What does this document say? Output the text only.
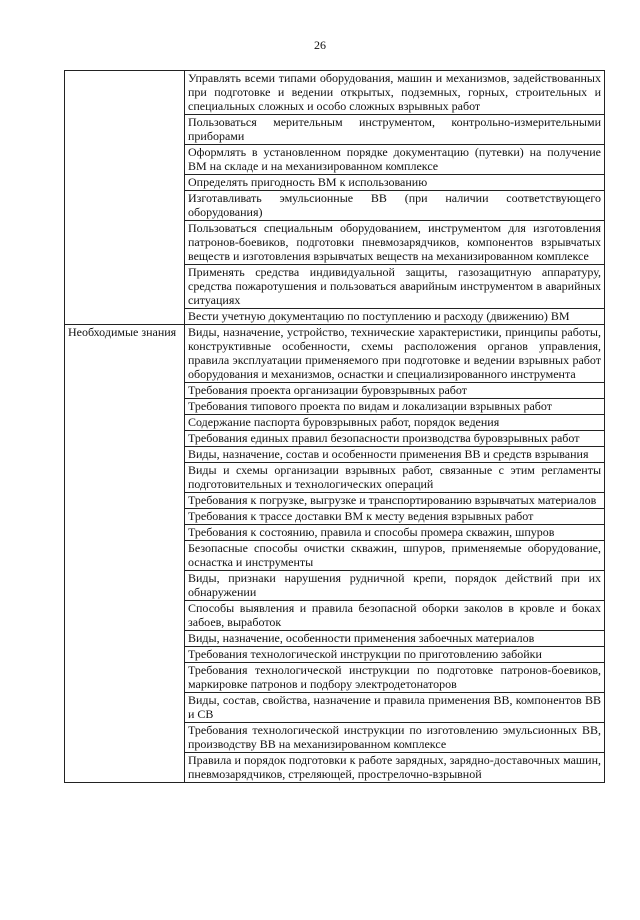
26
	Управлять всеми типами оборудования, машин и механизмов, задействованных при подготовке и ведении открытых, подземных, горных, строительных и специальных сложных и особо сложных взрывных работ
	Пользоваться мерительным инструментом, контрольно-измерительными приборами
	Оформлять в установленном порядке документацию (путевки) на получение ВМ на складе и на механизированном комплексе
	Определять пригодность ВМ к использованию
	Изготавливать эмульсионные ВВ (при наличии соответствующего оборудования)
	Пользоваться специальным оборудованием, инструментом для изготовления патронов-боевиков, подготовки пневмозарядчиков, компонентов взрывчатых веществ и изготовления взрывчатых веществ на механизированном комплексе
	Применять средства индивидуальной защиты, газозащитную аппаратуру, средства пожаротушения и пользоваться аварийным инструментом в аварийных ситуациях
	Вести учетную документацию по поступлению и расходу (движению) ВМ
Необходимые знания	Виды, назначение, устройство, технические характеристики, принципы работы, конструктивные особенности, схемы расположения органов управления, правила эксплуатации применяемого при подготовке и ведении взрывных работ оборудования и механизмов, оснастки и специализированного инструмента
	Требования проекта организации буровзрывных работ
	Требования типового проекта по видам и локализации взрывных работ
	Содержание паспорта буровзрывных работ, порядок ведения
	Требования единых правил безопасности производства буровзрывных работ
	Виды, назначение, состав и особенности применения ВВ и средств взрывания
	Виды и схемы организации взрывных работ, связанные с этим регламенты подготовительных и технологических операций
	Требования к погрузке, выгрузке и транспортированию взрывчатых материалов
	Требования к трассе доставки ВМ к месту ведения взрывных работ
	Требования к состоянию, правила и способы промера скважин, шпуров
	Безопасные способы очистки скважин, шпуров, применяемые оборудование, оснастка и инструменты
	Виды, признаки нарушения рудничной крепи, порядок действий при их обнаружении
	Способы выявления и правила безопасной оборки заколов в кровле и боках забоев, выработок
	Виды, назначение, особенности применения забоечных материалов
	Требования технологической инструкции по приготовлению забойки
	Требования технологической инструкции по подготовке патронов-боевиков, маркировке патронов и подбору электродетонаторов
	Виды, состав, свойства, назначение и правила применения ВВ, компонентов ВВ и СВ
	Требования технологической инструкции по изготовлению эмульсионных ВВ, производству ВВ на механизированном комплексе
	Правила и порядок подготовки к работе зарядных, зарядно-доставочных машин, пневмозарядчиков, стреляющей, прострелочно-взрывной
